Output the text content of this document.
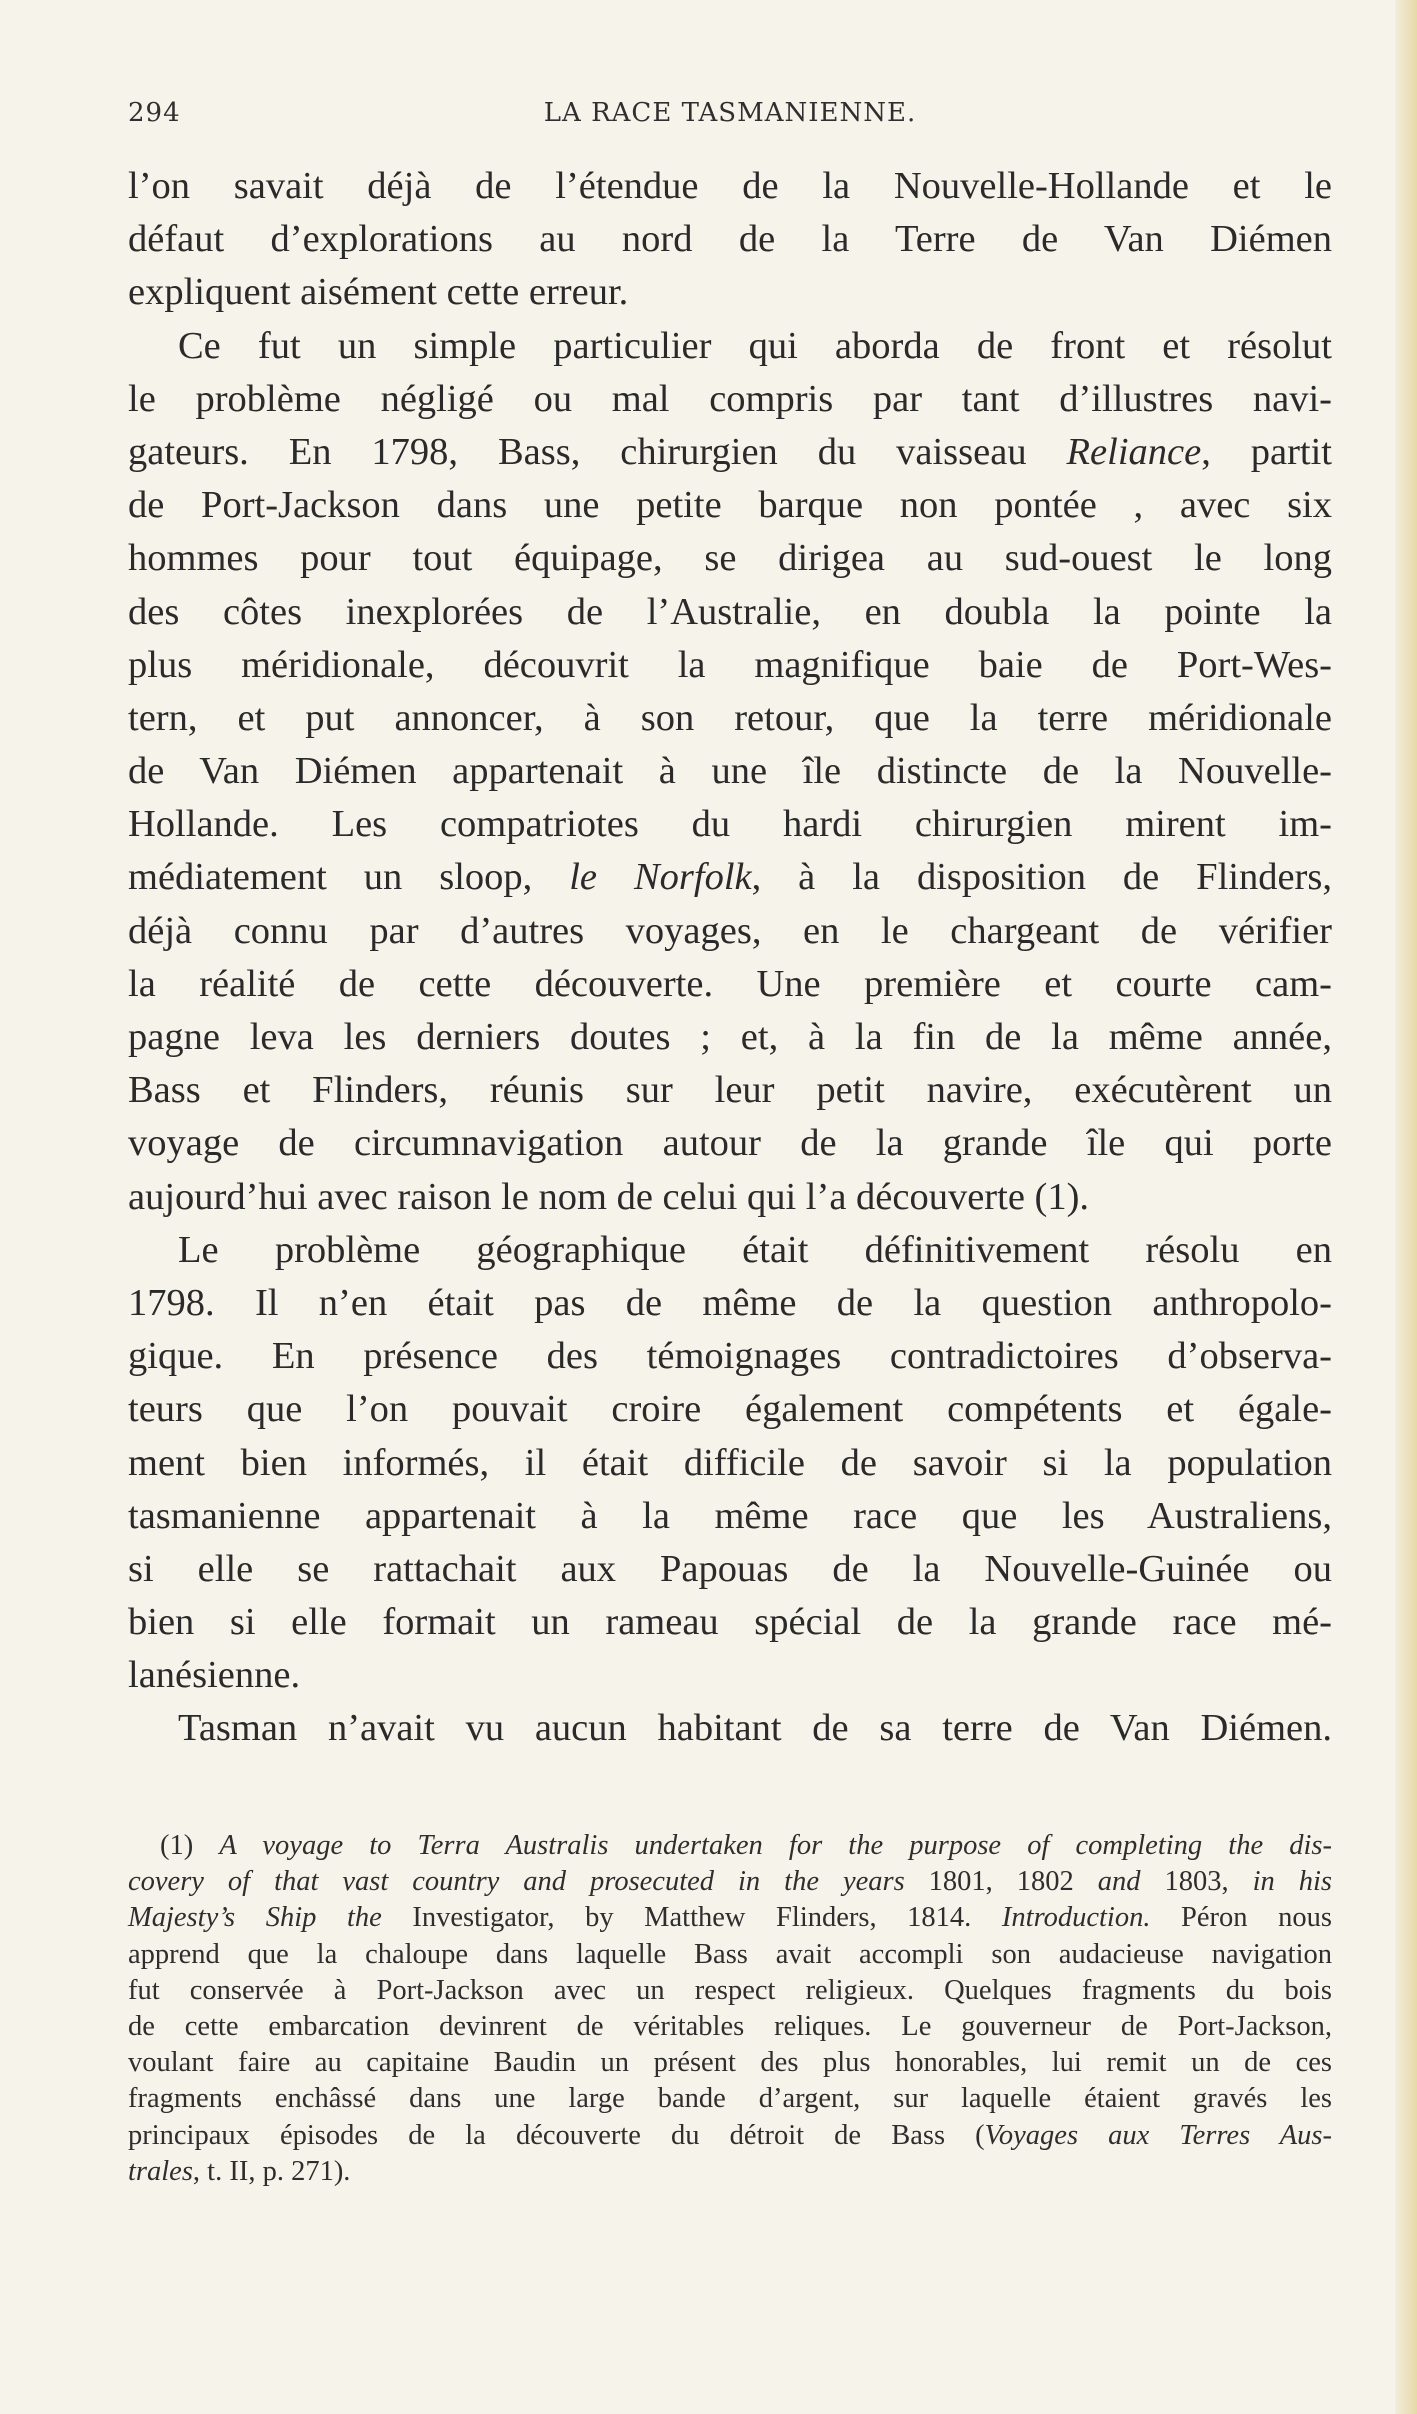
294	LA RACE TASMANIENNE.
l’on savait déjà de l’étendue de la Nouvelle-Hollande et le
défaut d’explorations au nord de la Terre de Van Diémen
expliquent aisément cette erreur.
Ce fut un simple particulier qui aborda de front et résolut
le problème négligé ou mal compris par tant d’illustres navi-
gateurs. En 1798, Bass, chirurgien du vaisseau Reliance, partit
de Port-Jackson dans une petite barque non pontée , avec six
hommes pour tout équipage, se dirigea au sud-ouest le long
des côtes inexplorées de l’Australie, en doubla la pointe la
plus méridionale, découvrit la magnifique baie de Port-Wes-
tern, et put annoncer, à son retour, que la terre méridionale
de Van Diémen appartenait à une île distincte de la Nouvelle-
Hollande. Les compatriotes du hardi chirurgien mirent im-
médiatement un sloop, le Norfolk, à la disposition de Flinders,
déjà connu par d’autres voyages, en le chargeant de vérifier
la réalité de cette découverte. Une première et courte cam-
pagne leva les derniers doutes ; et, à la fin de la même année,
Bass et Flinders, réunis sur leur petit navire, exécutèrent un
voyage de circumnavigation autour de la grande île qui porte
aujourd’hui avec raison le nom de celui qui l’a découverte (1).
Le problème géographique était définitivement résolu en
1798. Il n’en était pas de même de la question anthropolo-
gique. En présence des témoignages contradictoires d’observa-
teurs que l’on pouvait croire également compétents et égale-
ment bien informés, il était difficile de savoir si la population
tasmanienne appartenait à la même race que les Australiens,
si elle se rattachait aux Papouas de la Nouvelle-Guinée ou
bien si elle formait un rameau spécial de la grande race mé-
lanésienne.
Tasman n’avait vu aucun habitant de sa terre de Van Diémen.
(1) A voyage to Terra Australis undertaken for the purpose of completing the dis-
covery of that vast country and prosecuted in the years 1801, 1802 and 1803, in his
Majesty’s Ship the Investigator, by Matthew Flinders, 1814. Introduction. Péron nous
apprend que la chaloupe dans laquelle Bass avait accompli son audacieuse navigation
fut conservée à Port-Jackson avec un respect religieux. Quelques fragments du bois
de cette embarcation devinrent de véritables reliques. Le gouverneur de Port-Jackson,
voulant faire au capitaine Baudin un présent des plus honorables, lui remit un de ces
fragments enchâssé dans une large bande d’argent, sur laquelle étaient gravés les
principaux épisodes de la découverte du détroit de Bass (Voyages aux Terres Aus-
trales, t. II, p. 271).
